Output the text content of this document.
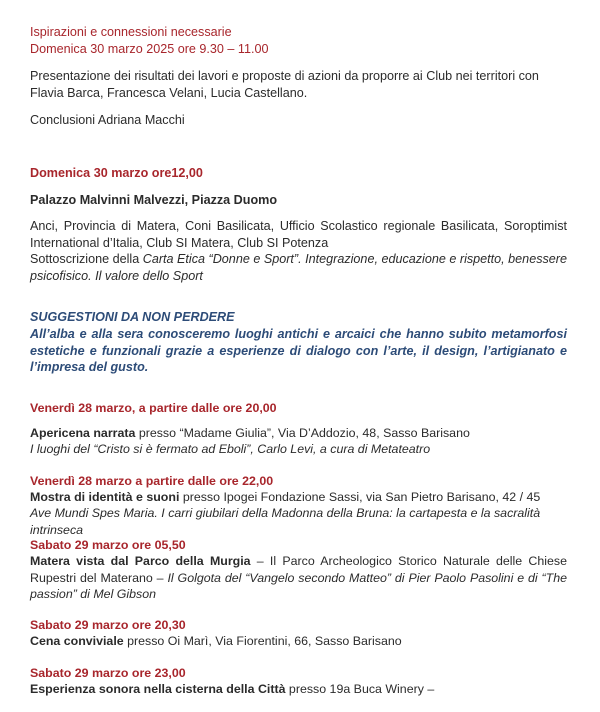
Ispirazioni e connessioni necessarie
Domenica 30 marzo 2025 ore 9.30 – 11.00

Presentazione dei risultati dei lavori e proposte di azioni da proporre ai Club nei territori con Flavia Barca, Francesca Velani, Lucia Castellano.

Conclusioni Adriana Macchi
Domenica 30 marzo ore12,00
Palazzo Malvinni Malvezzi, Piazza Duomo

Anci, Provincia di Matera, Coni Basilicata, Ufficio Scolastico regionale Basilicata, Soroptimist International d’Italia, Club SI Matera, Club SI Potenza

Sottoscrizione della Carta Etica “Donne e Sport”. Integrazione, educazione e rispetto, benessere psicofisico. Il valore dello Sport

SUGGESTIONI DA NON PERDERE

All’alba e alla sera conosceremo luoghi antichi e arcaici che hanno subito metamorfosi estetiche e funzionali grazie a esperienze di dialogo con l’arte, il design, l’artigianato e l’impresa del gusto.

Venerdì 28 marzo, a partire dalle ore 20,00
Apericena narrata presso “Madame Giulia”, Via D’Addozio, 48, Sasso Barisano
I luoghi del “Cristo si è fermato ad Eboli”, Carlo Levi, a cura di Metateatro
Venerdì 28 marzo a partire dalle ore 22,00
Mostra di identità e suoni presso Ipogei Fondazione Sassi, via San Pietro Barisano, 42 / 45
Ave Mundi Spes Maria. I carri giubilari della Madonna della Bruna: la cartapesta e la sacralità intrinseca
Sabato 29 marzo ore 05,50

Matera vista dal Parco della Murgia – Il Parco Archeologico Storico Naturale delle Chiese Rupestri del Materano – Il Golgota del “Vangelo secondo Matteo” di Pier Paolo Pasolini e di “The passion” di Mel Gibson

Sabato 29 marzo ore 20,30
Cena conviviale presso Oi Marì, Via Fiorentini, 66, Sasso Barisano
Sabato 29 marzo ore 23,00
Esperienza sonora nella cisterna della Città presso 19a Buca Winery –
